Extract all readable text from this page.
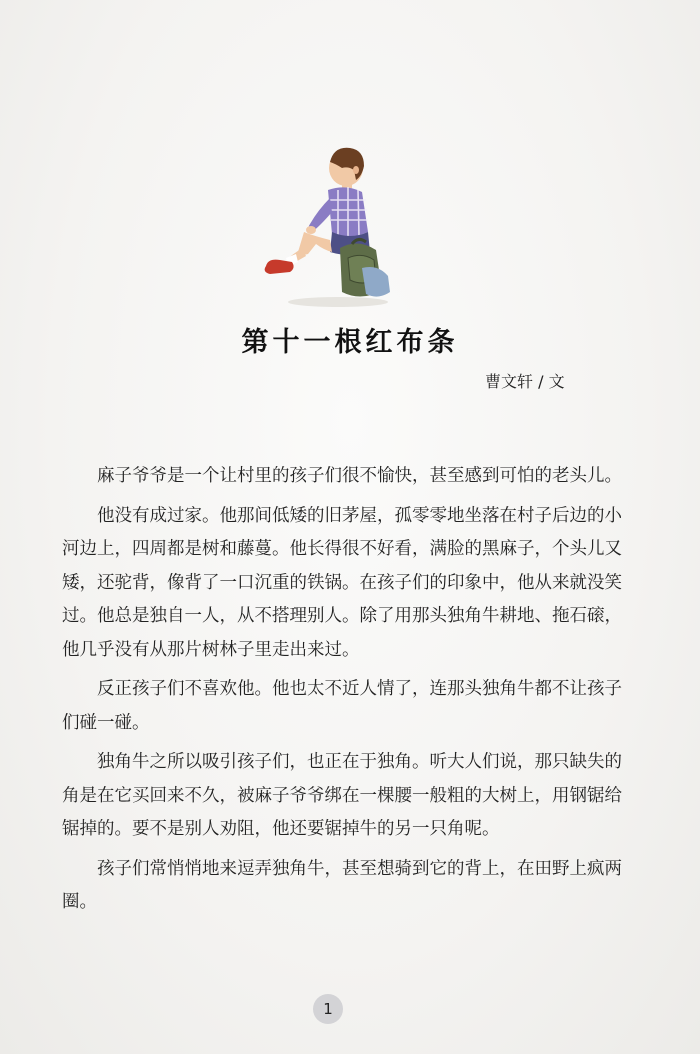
第十一根红布条
曹文轩 / 文

麻子爷爷是一个让村里的孩子们很不愉快，甚至感到可怕的老头儿。

他没有成过家。他那间低矮的旧茅屋，孤零零地坐落在村子后边的小河边上，四周都是树和藤蔓。他长得很不好看，满脸的黑麻子，个头儿又矮，还驼背，像背了一口沉重的铁锅。在孩子们的印象中，他从来就没笑过。他总是独自一人，从不搭理别人。除了用那头独角牛耕地、拖石磙，他几乎没有从那片树林子里走出来过。

反正孩子们不喜欢他。他也太不近人情了，连那头独角牛都不让孩子们碰一碰。

独角牛之所以吸引孩子们，也正在于独角。听大人们说，那只缺失的角是在它买回来不久，被麻子爷爷绑在一棵腰一般粗的大树上，用钢锯给锯掉的。要不是别人劝阻，他还要锯掉牛的另一只角呢。

孩子们常悄悄地来逗弄独角牛，甚至想骑到它的背上，在田野上疯两圈。

1
